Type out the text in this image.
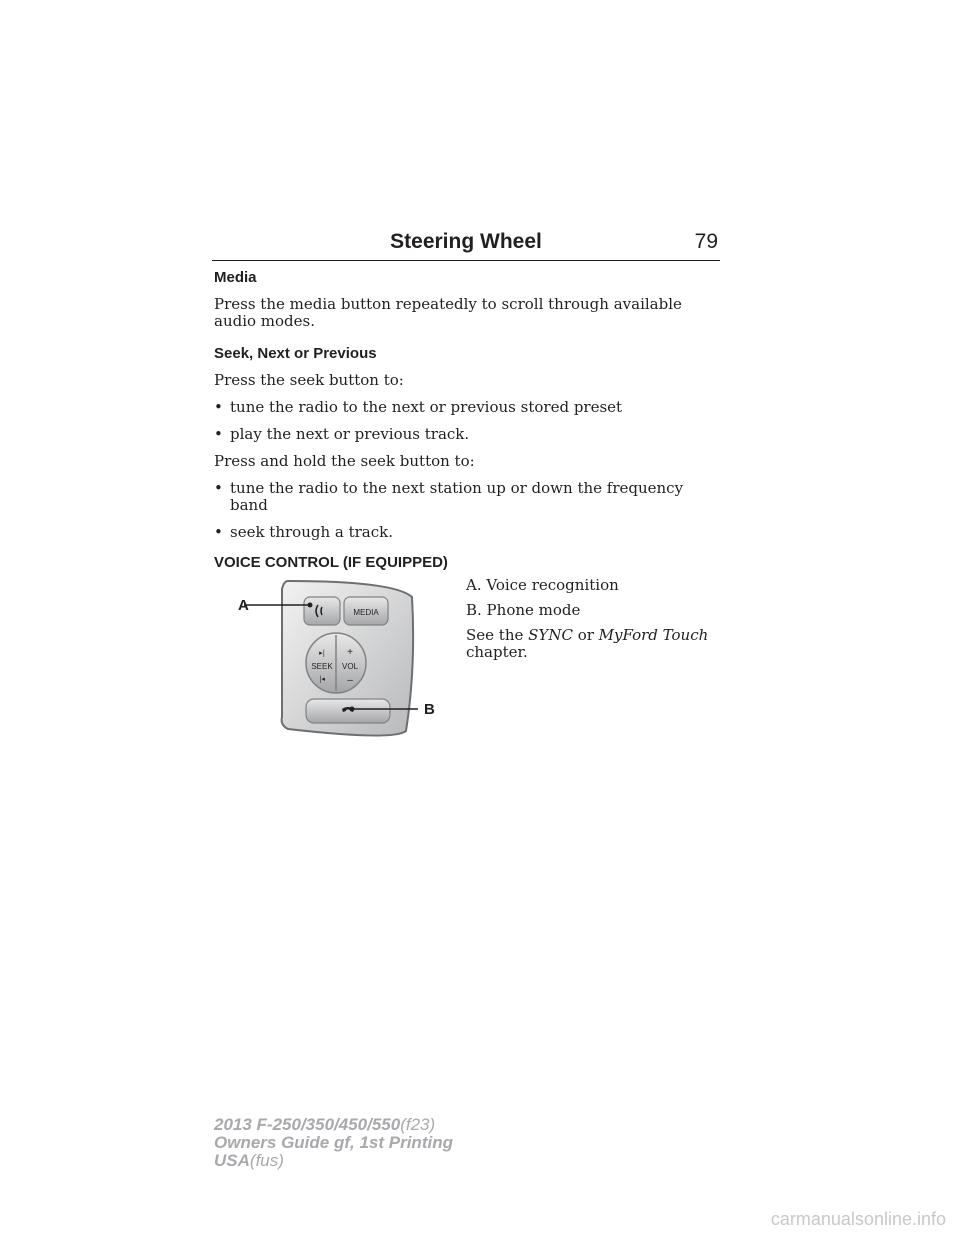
Steering Wheel	79
Media

Press the media button repeatedly to scroll through available audio modes.

Seek, Next or Previous

Press the seek button to:

• tune the radio to the next or previous stored preset
• play the next or previous track.

Press and hold the seek button to:

• tune the radio to the next station up or down the frequency band
• seek through a track.
VOICE CONTROL (IF EQUIPPED)
MEDIA
SEEK
▸|
|◂
+
VOL
–
A
B

A. Voice recognition

B. Phone mode

See the SYNC or MyFord Touch
chapter.

2013 F-250/350/450/550(f23)
Owners Guide gf, 1st Printing
USA(fus)
carmanualsonline.info
